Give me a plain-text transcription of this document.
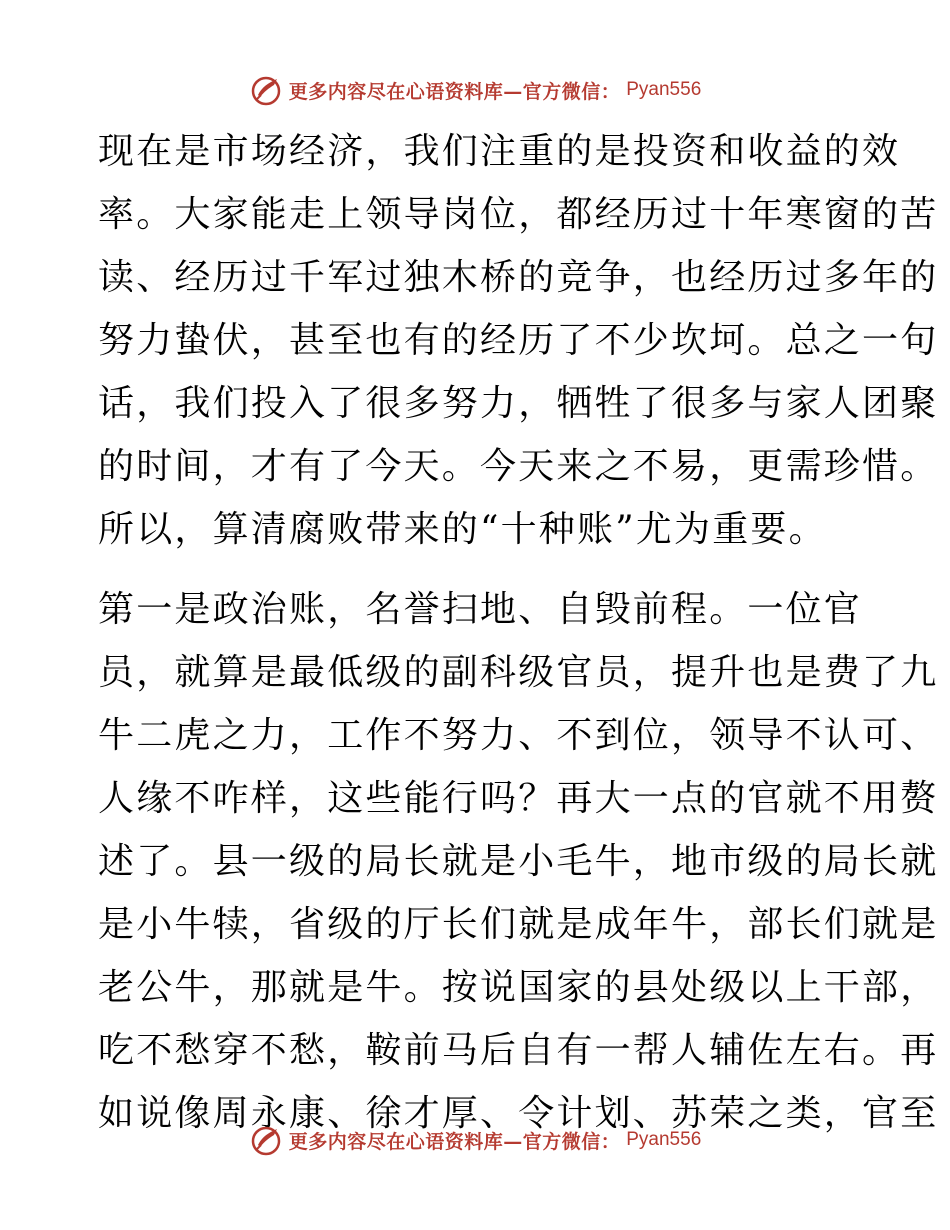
更多内容尽在心语资料库—官方微信： Pyan556
现在是市场经济，我们注重的是投资和收益的效
率。大家能走上领导岗位，都经历过十年寒窗的苦
读、经历过千军过独木桥的竞争，也经历过多年的
努力蛰伏，甚至也有的经历了不少坎坷。总之一句
话，我们投入了很多努力，牺牲了很多与家人团聚
的时间，才有了今天。今天来之不易，更需珍惜。
所以，算清腐败带来的“十种账”尤为重要。
第一是政治账，名誉扫地、自毁前程。一位官
员，就算是最低级的副科级官员，提升也是费了九
牛二虎之力，工作不努力、不到位，领导不认可、
人缘不咋样，这些能行吗？再大一点的官就不用赘
述了。县一级的局长就是小毛牛，地市级的局长就
是小牛犊，省级的厅长们就是成年牛，部长们就是
老公牛，那就是牛。按说国家的县处级以上干部，
吃不愁穿不愁，鞍前马后自有一帮人辅佐左右。再
如说像周永康、徐才厚、令计划、苏荣之类，官至
更多内容尽在心语资料库—官方微信： Pyan556
